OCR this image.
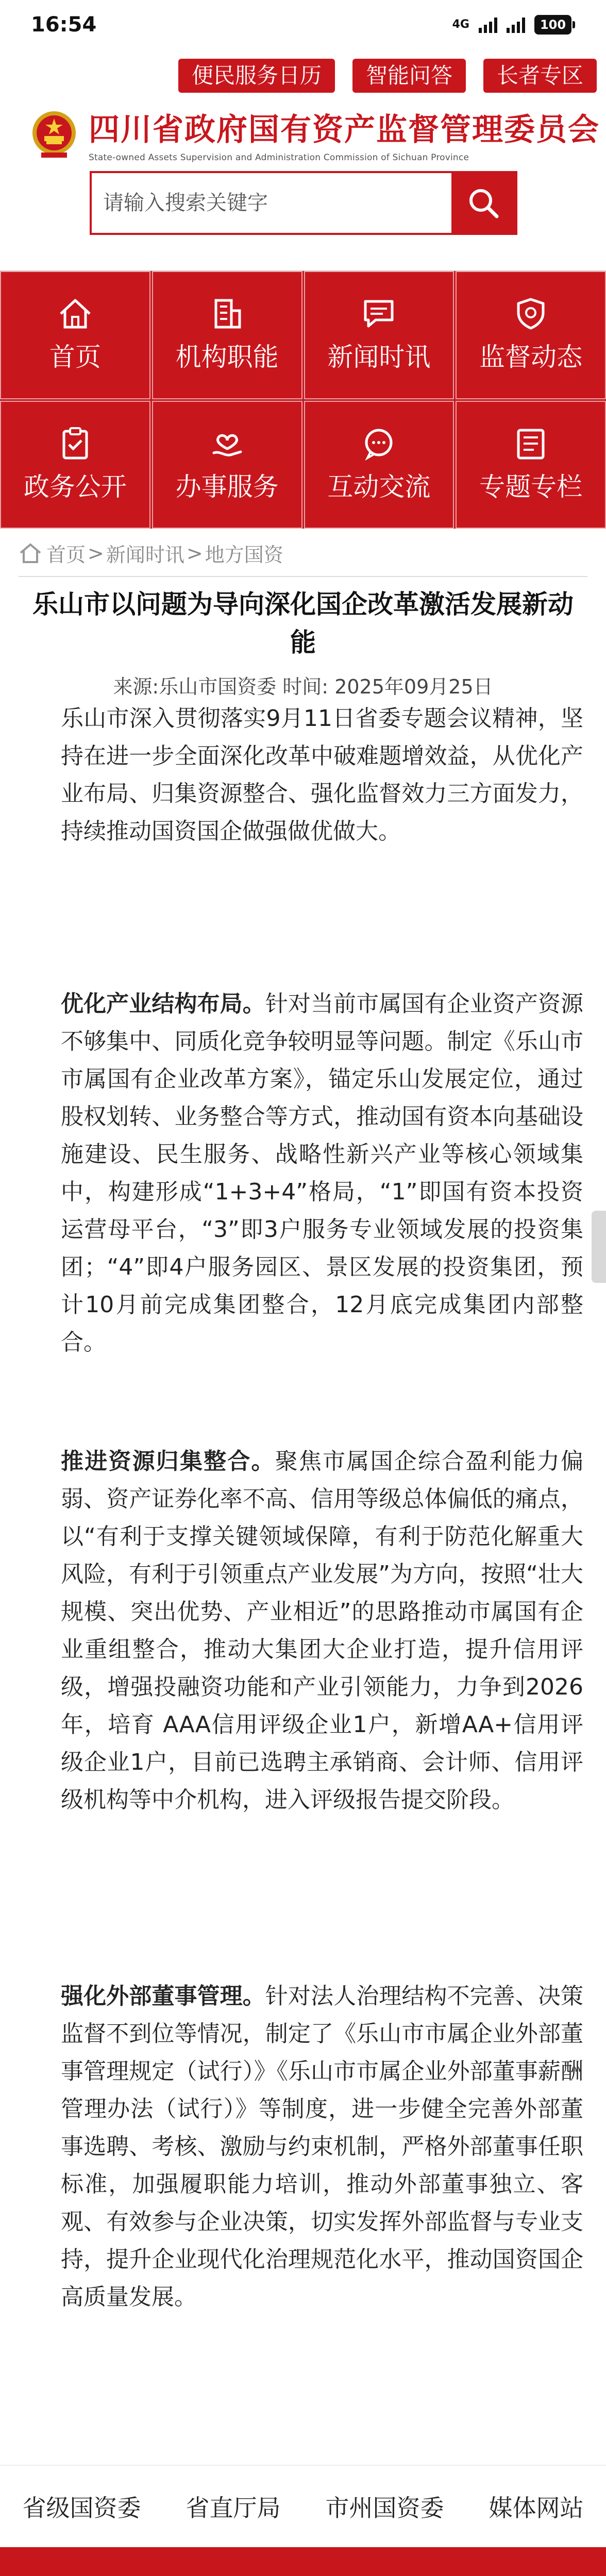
16:54	4G	100
便民服务日历	智能问答	长者专区
四川省政府国有资产监督管理委员会
State-owned Assets Supervision and Administration Commission of Sichuan Province
请输入搜索关键字
首页	机构职能 新闻时讯 监督动态
政务公开 办事服务 互动交流 专题专栏
首页 > 新闻时讯 > 地方国资
乐山市以问题为导向深化国企改革激活发展新动能
来源:乐山市国资委 时间: 2025年09月25日

乐山市深入贯彻落实9月11日省委专题会议精神，坚持在进一步全面深化改革中破难题增效益，从优化产业布局、归集资源整合、强化监督效力三方面发力，持续推动国资国企做强做优做大。

优化产业结构布局。针对当前市属国有企业资产资源不够集中、同质化竞争较明显等问题。制定《乐山市市属国有企业改革方案》，锚定乐山发展定位，通过股权划转、业务整合等方式，推动国有资本向基础设施建设、民生服务、战略性新兴产业等核心领域集中，构建形成“1+3+4”格局，“1”即国有资本投资运营母平台，“3”即3户服务专业领域发展的投资集团；“4”即4户服务园区、景区发展的投资集团，预计10月前完成集团整合，12月底完成集团内部整合。

推进资源归集整合。聚焦市属国企综合盈利能力偏弱、资产证券化率不高、信用等级总体偏低的痛点，以“有利于支撑关键领域保障，有利于防范化解重大风险，有利于引领重点产业发展”为方向，按照“壮大规模、突出优势、产业相近”的思路推动市属国有企业重组整合，推动大集团大企业打造，提升信用评级，增强投融资功能和产业引领能力，力争到2026年，培育 AAA信用评级企业1户，新增AA+信用评级企业1户，目前已选聘主承销商、会计师、信用评级机构等中介机构，进入评级报告提交阶段。

强化外部董事管理。针对法人治理结构不完善、决策监督不到位等情况，制定了《乐山市市属企业外部董事管理规定（试行）》《乐山市市属企业外部董事薪酬管理办法（试行）》等制度，进一步健全完善外部董事选聘、考核、激励与约束机制，严格外部董事任职标准，加强履职能力培训，推动外部董事独立、客观、有效参与企业决策，切实发挥外部监督与专业支持，提升企业现代化治理规范化水平，推动国资国企高质量发展。

省级国资委 省直厅局 市州国资委 媒体网站
